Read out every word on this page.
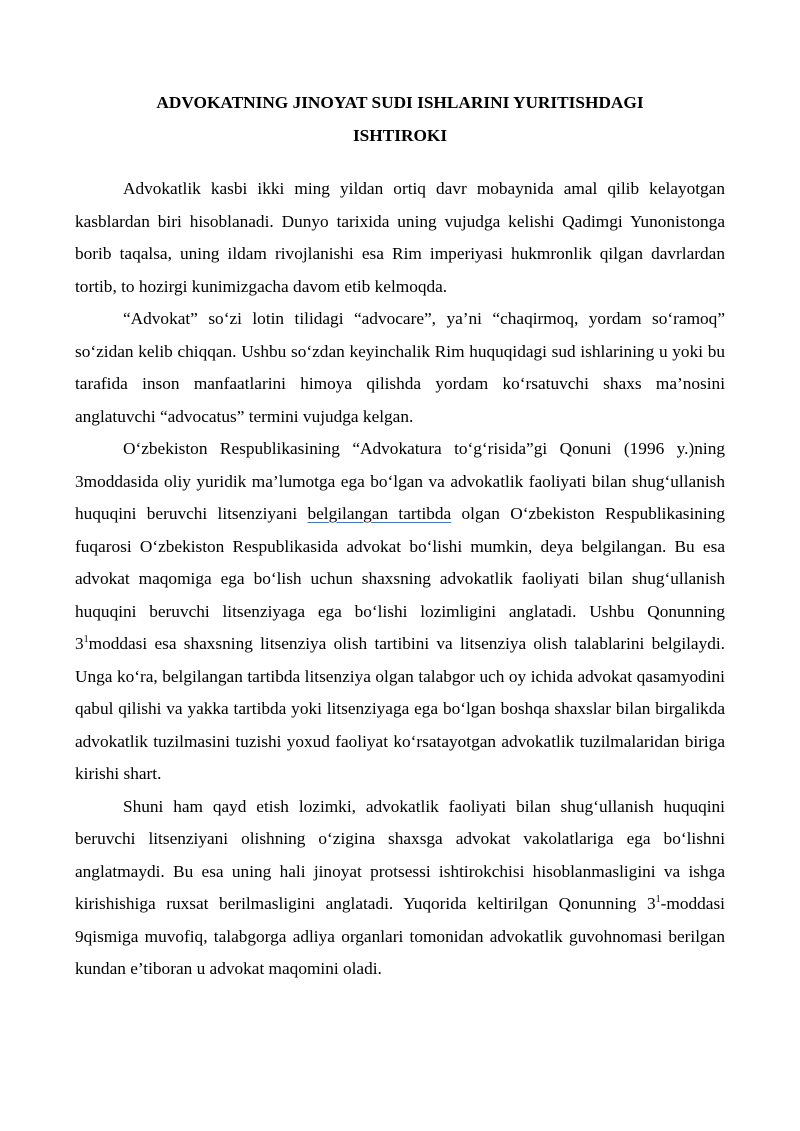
ADVOKATNING JINOYAT SUDI ISHLARINI YURITISHDAGI
ISHTIROKI

Advokatlik kasbi ikki ming yildan ortiq davr mobaynida amal qilib kelayotgan kasblardan biri hisoblanadi. Dunyo tarixida uning vujudga kelishi Qadimgi Yunonistonga borib taqalsa, uning ildam rivojlanishi esa Rim imperiyasi hukmronlik qilgan davrlardan tortib, to hozirgi kunimizgacha davom etib kelmoqda.

“Advokat” so‘zi lotin tilidagi “advocare”, ya’ni “chaqirmoq, yordam so‘ramoq” so‘zidan kelib chiqqan. Ushbu so‘zdan keyinchalik Rim huquqidagi sud ishlarining u yoki bu tarafida inson manfaatlarini himoya qilishda yordam ko‘rsatuvchi shaxs ma’nosini anglatuvchi “advocatus” termini vujudga kelgan.

O‘zbekiston Respublikasining “Advokatura to‘g‘risida”gi Qonuni (1996 y.)ning 3moddasida oliy yuridik ma’lumotga ega bo‘lgan va advokatlik faoliyati bilan shug‘ullanish huquqini beruvchi litsenziyani belgilangan tartibda olgan O‘zbekiston Respublikasining fuqarosi O‘zbekiston Respublikasida advokat bo‘lishi mumkin, deya belgilangan. Bu esa advokat maqomiga ega bo‘lish uchun shaxsning advokatlik faoliyati bilan shug‘ullanish huquqini beruvchi litsenziyaga ega bo‘lishi lozimligini anglatadi. Ushbu Qonunning $3^1moddasi$ esa shaxsning litsenziya olish tartibini va litsenziya olish talablarini belgilaydi. Unga ko‘ra, belgilangan tartibda litsenziya olgan talabgor uch oy ichida advokat qasamyodini qabul qilishi va yakka tartibda yoki litsenziyaga ega bo‘lgan boshqa shaxslar bilan birgalikda advokatlik tuzilmasini tuzishi yoxud faoliyat ko‘rsatayotgan advokatlik tuzilmalaridan biriga kirishi shart.

Shuni ham qayd etish lozimki, advokatlik faoliyati bilan shug‘ullanish huquqini beruvchi litsenziyani olishning o‘zigina shaxsga advokat vakolatlariga ega bo‘lishni anglatmaydi. Bu esa uning hali jinoyat protsessi ishtirokchisi hisoblanmasligini va ishga kirishishiga ruxsat berilmasligini anglatadi. Yuqorida keltirilgan Qonunning $3^1$-moddasi 9qismiga muvofiq, talabgorga adliya organlari tomonidan advokatlik guvohnomasi berilgan kundan e’tiboran u advokat maqomini oladi.
